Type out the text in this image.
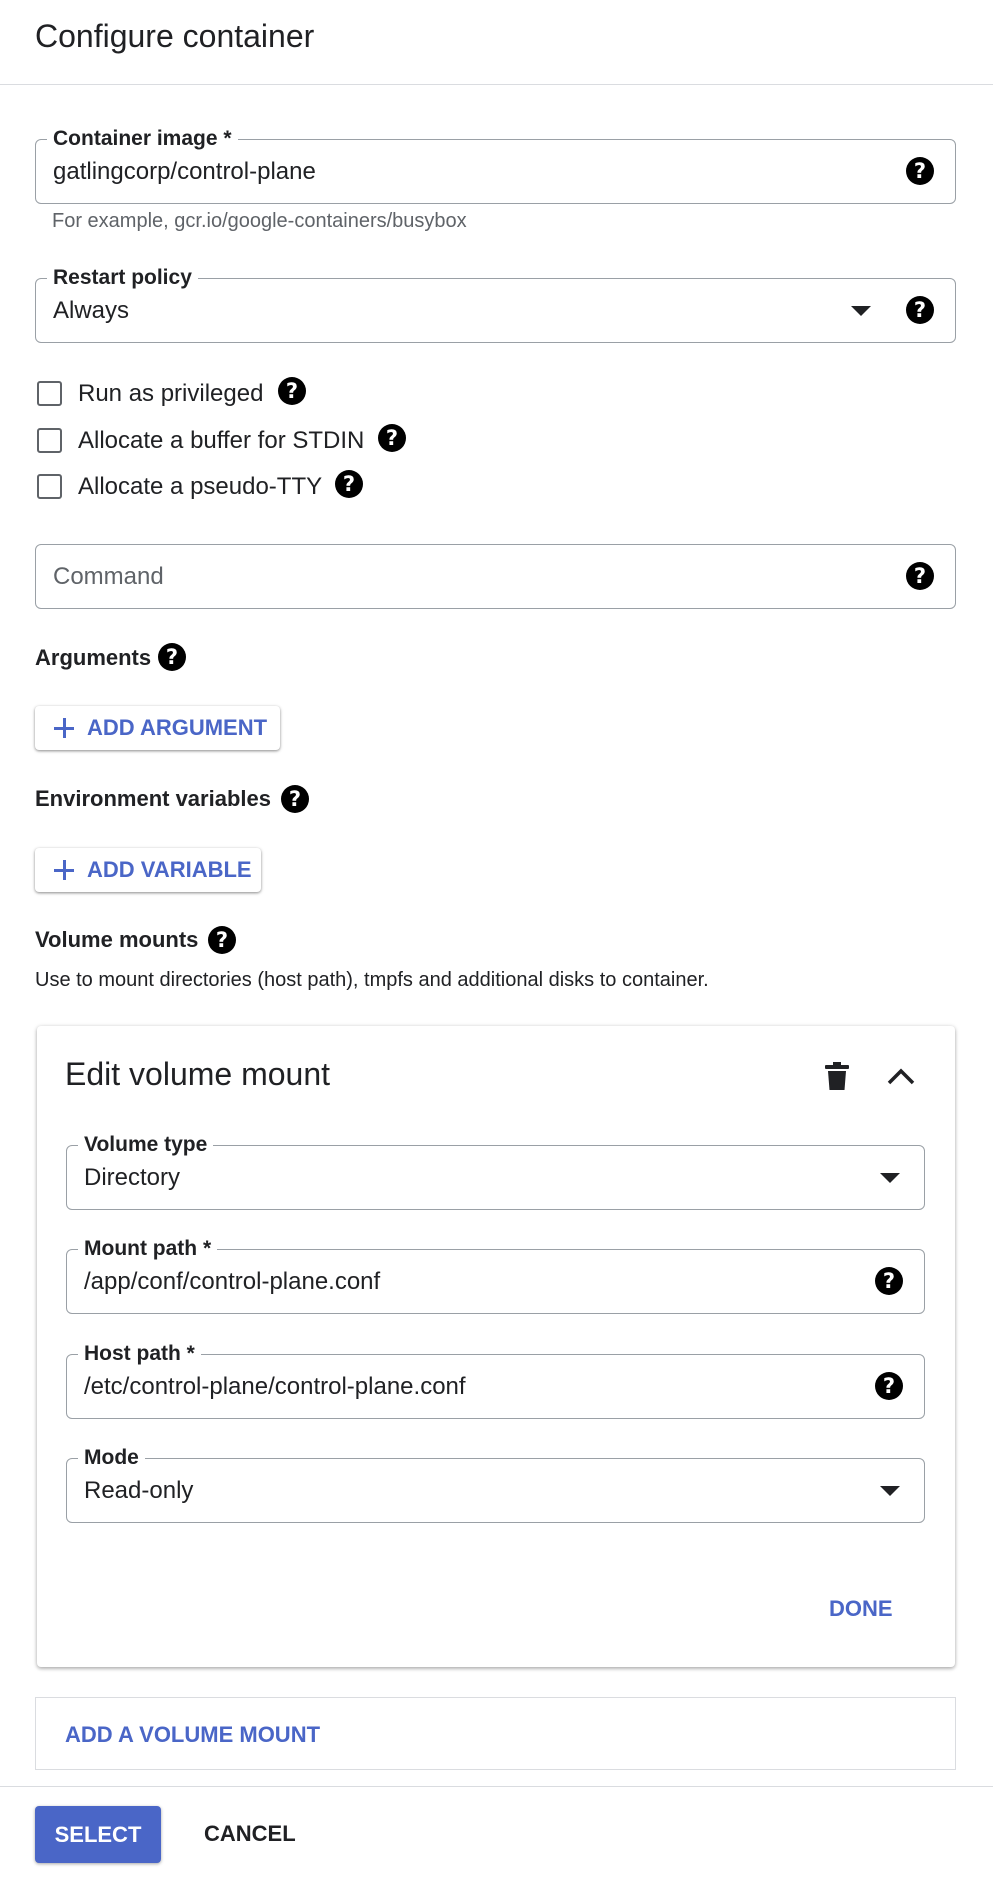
Configure container
Container image *
gatlingcorp/control-plane	?
For example, gcr.io/google-containers/busybox
Restart policy
Always	?
Run as privileged	?
Allocate a buffer for STDIN	?
Allocate a pseudo-TTY ?
Command	?
Arguments ?
ADD ARGUMENT
Environment variables ?
ADD VARIABLE
Volume mounts ?
Use to mount directories (host path), tmpfs and additional disks to container.
Edit volume mount
Volume type
Directory
Mount path *
/app/conf/control-plane.conf	?
Host path *
/etc/control-plane/control-plane.conf	?
Mode
Read-only
DONE
ADD A VOLUME MOUNT
SELECT	CANCEL
